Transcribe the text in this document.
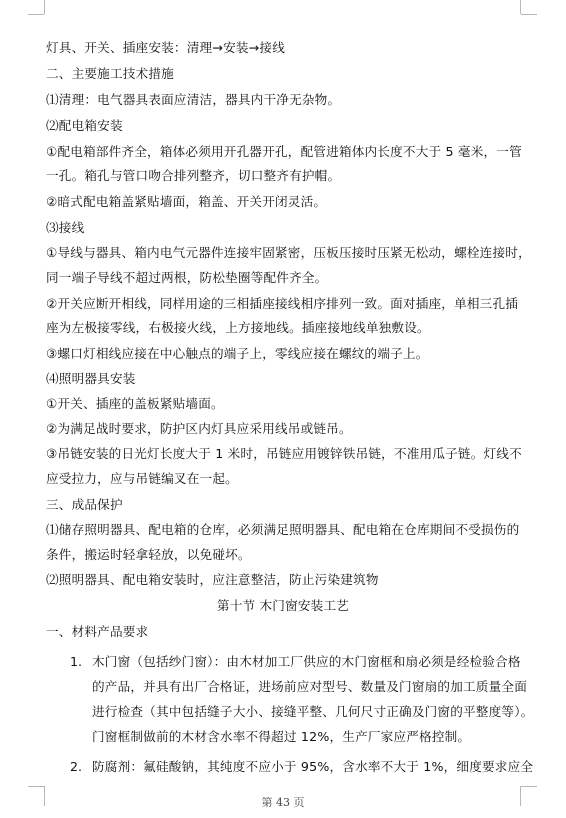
灯具、开关、插座安装：清理→安装→接线
二、主要施工技术措施
⑴清理：电气器具表面应清洁，器具内干净无杂物。
⑵配电箱安装
①配电箱部件齐全，箱体必须用开孔器开孔，配管进箱体内长度不大于 5 毫米，一管
一孔。箱孔与管口吻合排列整齐，切口整齐有护帽。
②暗式配电箱盖紧贴墙面，箱盖、开关开闭灵活。
⑶接线
①导线与器具、箱内电气元器件连接牢固紧密，压板压接时压紧无松动，螺栓连接时，
同一端子导线不超过两根，防松垫圈等配件齐全。
②开关应断开相线，同样用途的三相插座接线相序排列一致。面对插座，单相三孔插
座为左极接零线，右极接火线，上方接地线。插座接地线单独敷设。
③螺口灯相线应接在中心触点的端子上，零线应接在螺纹的端子上。
⑷照明器具安装
①开关、插座的盖板紧贴墙面。
②为满足战时要求，防护区内灯具应采用线吊或链吊。
③吊链安装的日光灯长度大于 1 米时，吊链应用镀锌铁吊链，不准用瓜子链。灯线不
应受拉力，应与吊链编叉在一起。
三、成品保护
⑴储存照明器具、配电箱的仓库，必须满足照明器具、配电箱在仓库期间不受损伤的
条件，搬运时轻拿轻放，以免碰坏。
⑵照明器具、配电箱安装时，应注意整洁，防止污染建筑物
第十节 木门窗安装工艺
一、材料产品要求
1. 木门窗（包括纱门窗）：由木材加工厂供应的木门窗框和扇必须是经检验合格
的产品，并具有出厂合格证，进场前应对型号、数量及门窗扇的加工质量全面
进行检查（其中包括缝子大小、接缝平整、几何尺寸正确及门窗的平整度等）。
门窗框制做前的木材含水率不得超过 12%，生产厂家应严格控制。
2. 防腐剂：氟硅酸钠，其纯度不应小于 95%，含水率不大于 1%，细度要求应全
第 43 页
